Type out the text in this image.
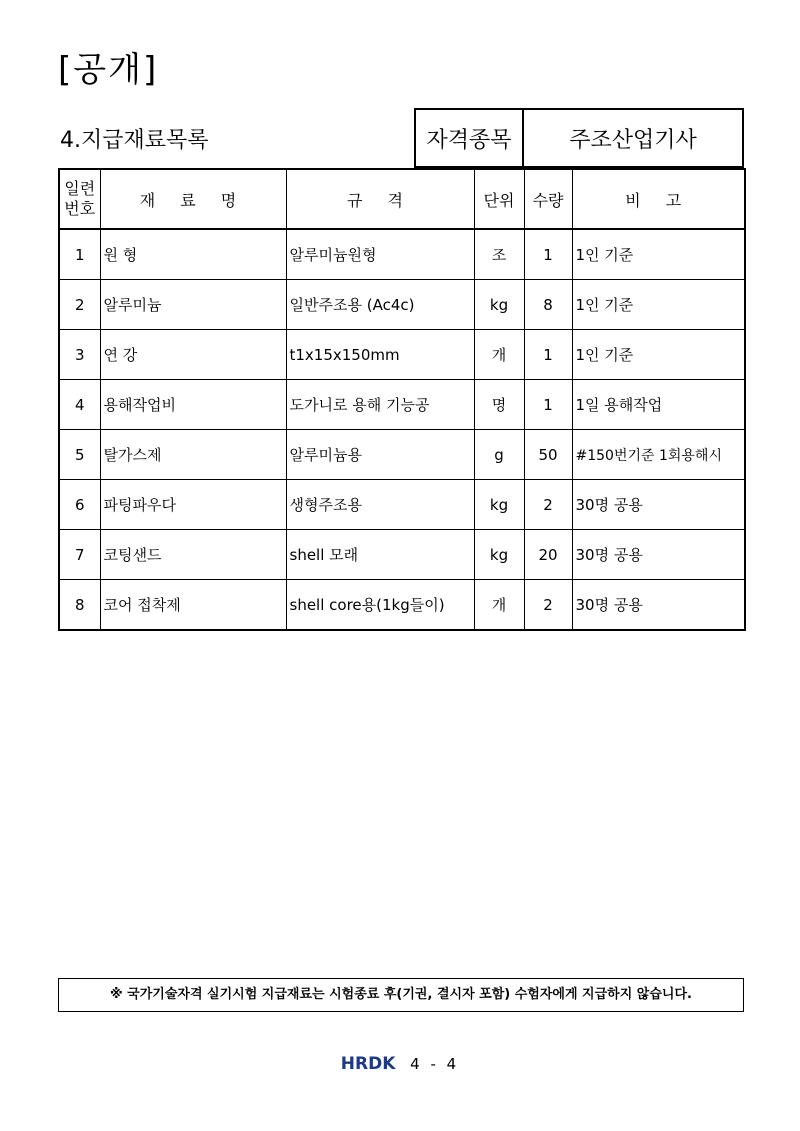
[공개]
4.지급재료목록	자격종목	주조산업기사
일련
번호	재 료 명	규 격	단위	수량	비 고
1	원 형	알루미늄원형	조	1	1인 기준
2	알루미늄	일반주조용 (Ac4c)	kg	8	1인 기준
3	연 강	t1x15x150mm	개	1	1인 기준
4	용해작업비	도가니로 용해 기능공	명	1	1일 용해작업
5	탈가스제	알루미늄용	g	50	#150번기준 1회용해시
6	파팅파우다	생형주조용	kg	2	30명 공용
7	코팅샌드	shell 모래	kg	20	30명 공용
8	코어 접착제	shell core용(1kg들이)	개	2	30명 공용
※ 국가기술자격 실기시험 지급재료는 시험종료 후(기권, 결시자 포함) 수험자에게 지급하지 않습니다.
HRDK 4 - 4
